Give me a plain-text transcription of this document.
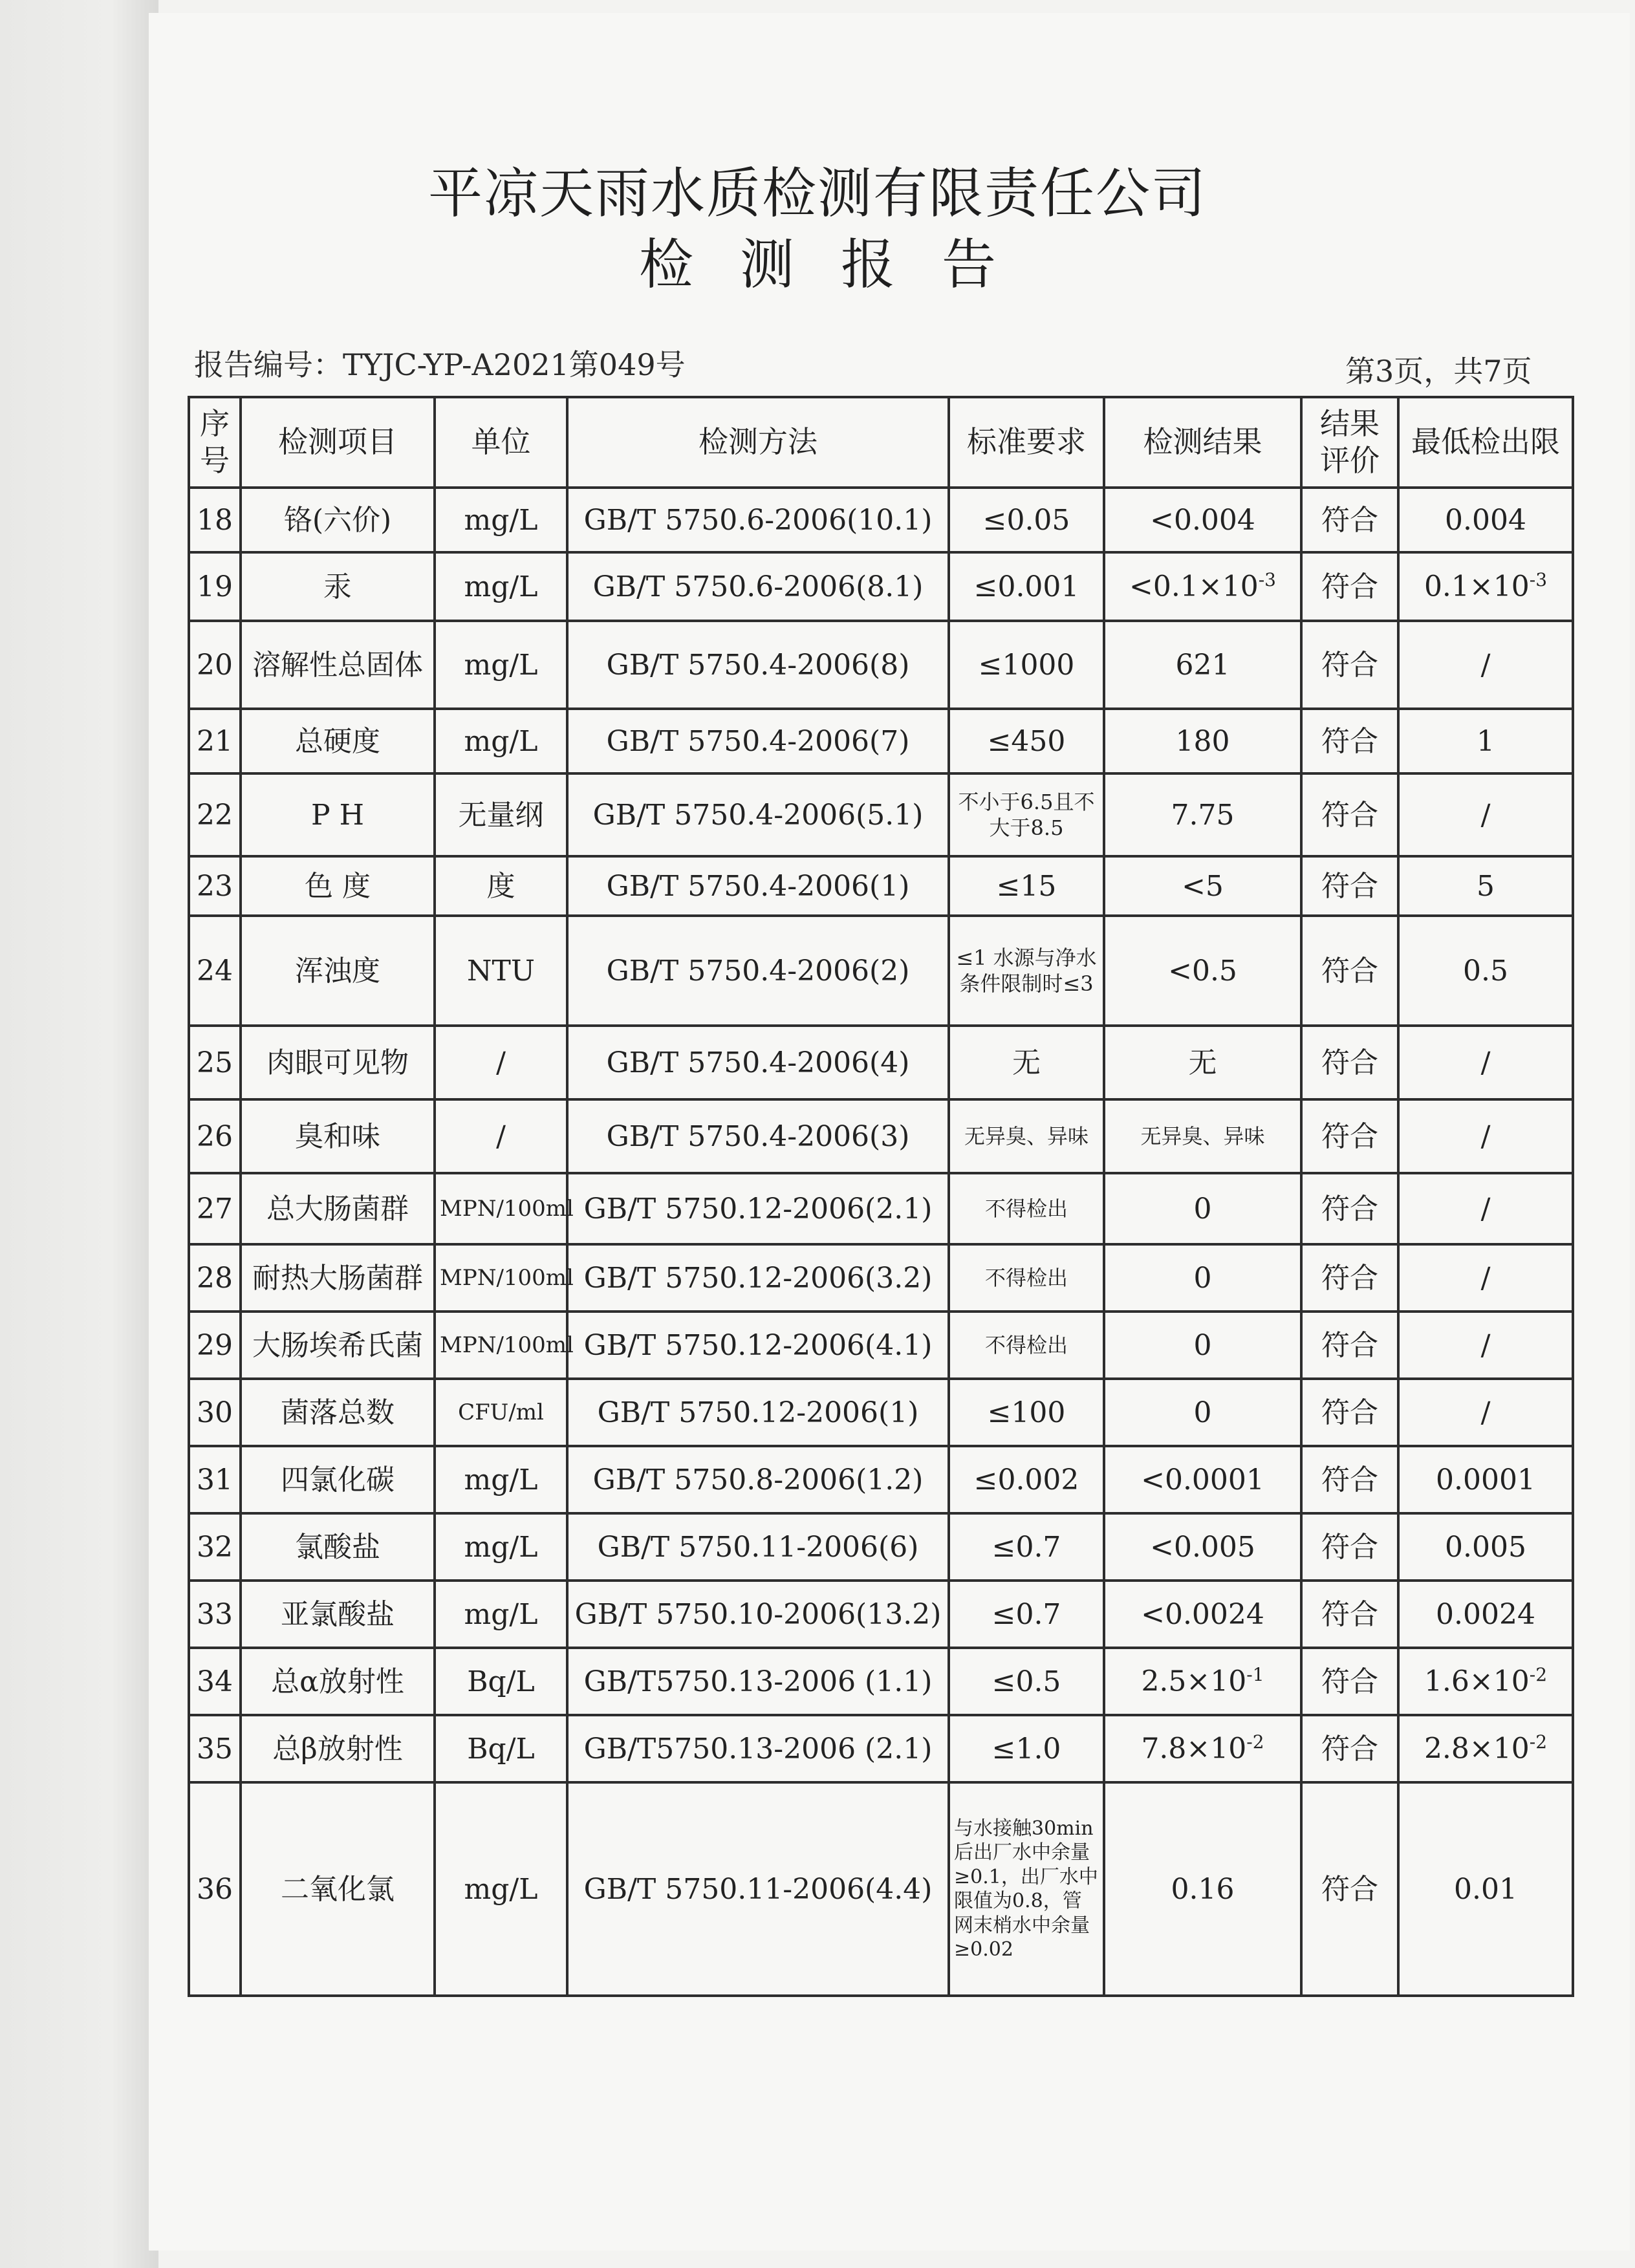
平凉天雨水质检测有限责任公司
检测报告
报告编号：TYJC-YP-A2021第049号	第3页，共7页
序号	检测项目	单位	检测方法	标准要求	检测结果	结果评价	最低检出限
18	铬(六价)	mg/L	GB/T 5750.6-2006(10.1)	≤0.05	<0.004	符合	0.004
19	汞	mg/L	GB/T 5750.6-2006(8.1)	≤0.001	$<0.1\times 10^{-3}$	符合	$0.1\times 10^{-3}$
20	溶解性总固体	mg/L	GB/T 5750.4-2006(8)	≤1000	621	符合	/
21	总硬度	mg/L	GB/T 5750.4-2006(7)	≤450	180	符合	1
22	P H	无量纲	GB/T 5750.4-2006(5.1)	不小于6.5且不大于8.5	7.75	符合	/
23	色 度	度	GB/T 5750.4-2006(1)	≤15	<5	符合	5
24	浑浊度	NTU	GB/T 5750.4-2006(2)	≤1 水源与净水条件限制时≤3	<0.5	符合	0.5
25	肉眼可见物	/	GB/T 5750.4-2006(4)	无	无	符合	/
26	臭和味	/	GB/T 5750.4-2006(3)	无异臭、异味	无异臭、异味	符合	/
27	总大肠菌群	MPN/100ml	GB/T 5750.12-2006(2.1)	不得检出	0	符合	/
28	耐热大肠菌群	MPN/100ml	GB/T 5750.12-2006(3.2)	不得检出	0	符合	/
29	大肠埃希氏菌	MPN/100ml	GB/T 5750.12-2006(4.1)	不得检出	0	符合	/
30	菌落总数	CFU/ml	GB/T 5750.12-2006(1)	≤100	0	符合	/
31	四氯化碳	mg/L	GB/T 5750.8-2006(1.2)	≤0.002	<0.0001	符合	0.0001
32	氯酸盐	mg/L	GB/T 5750.11-2006(6)	≤0.7	<0.005	符合	0.005
33	亚氯酸盐	mg/L	GB/T 5750.10-2006(13.2)	≤0.7	<0.0024	符合	0.0024
34	总α放射性	Bq/L	GB/T5750.13-2006 (1.1)	≤0.5	$2.5\times 10^{-1}$	符合	$1.6\times 10^{-2}$
35	总β放射性	Bq/L	GB/T5750.13-2006 (2.1)	≤1.0	$7.8\times 10^{-2}$	符合	$2.8\times 10^{-2}$
36	二氧化氯	mg/L	GB/T 5750.11-2006(4.4)	与水接触30min后出厂水中余量≥0.1，出厂水中限值为0.8，管网末梢水中余量≥0.02	0.16	符合	0.01
